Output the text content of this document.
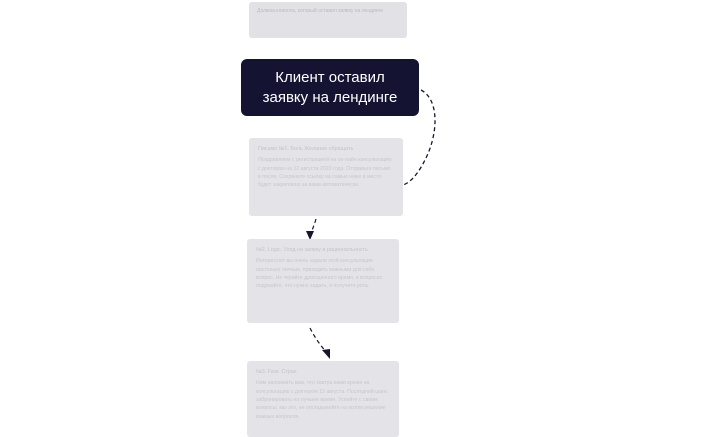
Должна клиента, который оставил заявку на лендинге
Клиент оставил
заявку на лендинге

Письмо №1. Боль Желание обращать

Поздравляем с регистрацией на он-лайн консультацию с доктором на 12 августа 2023 года. Отправьте письмо в после. Сохраните ссылку на самые ниже в место будет закреплено за вами автоматически.

№2. Logic. Уход на заявку и рациональность

Интересуют вы очень задали этой консультации настолько личные, приходить важными для себя вопрос. Не теряйте драгоценного время, в вопросах подумайте, что нужно задать, и получите роль.

№3. Fear. Страх

Нам напомнить вам, что завтра вами время на консультацию с доктором 12 августа. Последний шанс забронировать на лучшее время. Успейте с своим вопросы, мы это, не откладывайте на потом решение важных вопросов.
